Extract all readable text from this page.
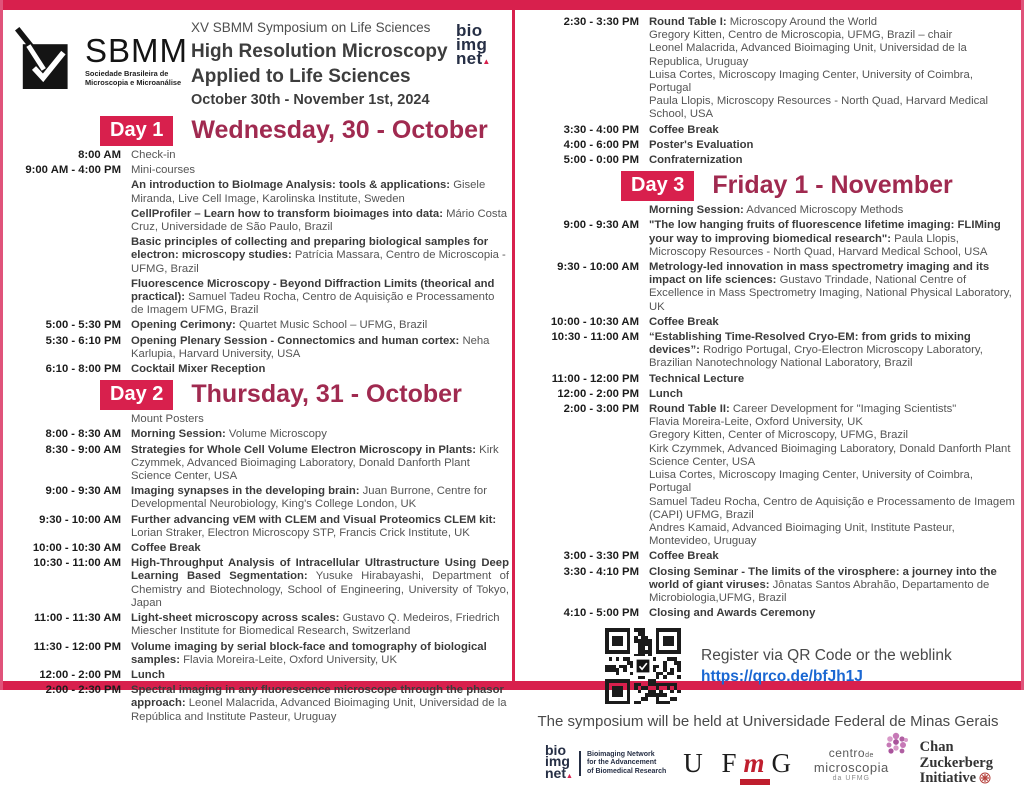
SBMM
Sociedade Brasileira de
Microscopia e Microanálise
XV SBMM Symposium on Life Sciences
High Resolution Microscopy
Applied to Life Sciences
October 30th - November 1st, 2024
bio
img
net▲
Day 1	Wednesday, 30 - October
8:00 AM Check-in
9:00 AM - 4:00 PM Mini-courses
An introduction to BioImage Analysis: tools & applications: Gisele Miranda, Live Cell Image, Karolinska Institute, Sweden
CellProfiler – Learn how to transform bioimages into data: Mário Costa Cruz, Universidade de São Paulo, Brazil
Basic principles of collecting and preparing biological samples for electron: microscopy studies: Patrícia Massara, Centro de Microscopia - UFMG, Brazil
Fluorescence Microscopy - Beyond Diffraction Limits (theorical and practical): Samuel Tadeu Rocha, Centro de Aquisição e Processamento de Imagem UFMG, Brazil
5:00 - 5:30 PM Opening Cerimony: Quartet Music School – UFMG, Brazil
5:30 - 6:10 PM Opening Plenary Session - Connectomics and human cortex: Neha Karlupia, Harvard University, USA
6:10 - 8:00 PM Cocktail Mixer Reception
Day 2	Thursday, 31 - October
Mount Posters
8:00 - 8:30 AM Morning Session: Volume Microscopy
8:30 - 9:00 AM Strategies for Whole Cell Volume Electron Microscopy in Plants: Kirk Czymmek, Advanced Bioimaging Laboratory, Donald Danforth Plant Science Center, USA
9:00 - 9:30 AM Imaging synapses in the developing brain: Juan Burrone, Centre for Developmental Neurobiology, King's College London, UK
9:30 - 10:00 AM Further advancing vEM with CLEM and Visual Proteomics CLEM kit: Lorian Straker, Electron Microscopy STP, Francis Crick Institute, UK
10:00 - 10:30 AM Coffee Break
10:30 - 11:00 AM High-Throughput Analysis of Intracellular Ultrastructure Using Deep Learning Based Segmentation: Yusuke Hirabayashi, Department of Chemistry and Biotechnology, School of Engineering, University of Tokyo, Japan
11:00 - 11:30 AM Light-sheet microscopy across scales: Gustavo Q. Medeiros, Friedrich Miescher Institute for Biomedical Research, Switzerland
11:30 - 12:00 PM Volume imaging by serial block-face and tomography of biological samples: Flavia Moreira-Leite, Oxford University, UK
12:00 - 2:00 PM Lunch
2:00 - 2:30 PM Spectral imaging in any fluorescence microscope through the phasor approach: Leonel Malacrida, Advanced Bioimaging Unit, Universidad de la República and Institute Pasteur, Uruguay
2:30 - 3:30 PM Round Table I: Microscopy Around the World
Gregory Kitten, Centro de Microscopia, UFMG, Brazil – chair
Leonel Malacrida, Advanced Bioimaging Unit, Universidad de la Republica, Uruguay
Luisa Cortes, Microscopy Imaging Center, University of Coimbra, Portugal
Paula Llopis, Microscopy Resources - North Quad, Harvard Medical School, USA
3:30 - 4:00 PM Coffee Break
4:00 - 6:00 PM Poster's Evaluation
5:00 - 0:00 PM Confraternization
Day 3	Friday 1 - November
Morning Session: Advanced Microscopy Methods
9:00 - 9:30 AM "The low hanging fruits of fluorescence lifetime imaging: FLIMing your way to improving biomedical research": Paula Llopis, Microscopy Resources - North Quad, Harvard Medical School, USA
9:30 - 10:00 AM Metrology-led innovation in mass spectrometry imaging and its impact on life sciences: Gustavo Trindade, National Centre of Excellence in Mass Spectrometry Imaging, National Physical Laboratory, UK
10:00 - 10:30 AM Coffee Break
10:30 - 11:00 AM “Establishing Time-Resolved Cryo-EM: from grids to mixing devices”: Rodrigo Portugal, Cryo-Electron Microscopy Laboratory, Brazilian Nanotechnology National Laboratory, Brazil
11:00 - 12:00 PM Technical Lecture
12:00 - 2:00 PM Lunch
2:00 - 3:00 PM Round Table II: Career Development for "Imaging Scientists"
Flavia Moreira-Leite, Oxford University, UK
Gregory Kitten, Center of Microscopy, UFMG, Brazil
Kirk Czymmek, Advanced Bioimaging Laboratory, Donald Danforth Plant Science Center, USA
Luisa Cortes, Microscopy Imaging Center, University of Coimbra, Portugal
Samuel Tadeu Rocha, Centro de Aquisição e Processamento de Imagem (CAPI) UFMG, Brazil
Andres Kamaid, Advanced Bioimaging Unit, Institute Pasteur, Montevideo, Uruguay
3:00 - 3:30 PM Coffee Break
3:30 - 4:10 PM Closing Seminar - The limits of the virosphere: a journey into the world of giant viruses: Jônatas Santos Abrahão, Departamento de Microbiologia,UFMG, Brazil
4:10 - 5:00 PM Closing and Awards Ceremony
Register via QR Code or the weblink
https://qrco.de/bfJh1J
The symposium will be held at Universidade Federal de Minas Gerais
bio
img
net▲
Bioimaging Network
for the Advancement
of Biomedical Research U FmG	centrode
microscopia
da UFMG
Chan
Zuckerberg
Initiative
